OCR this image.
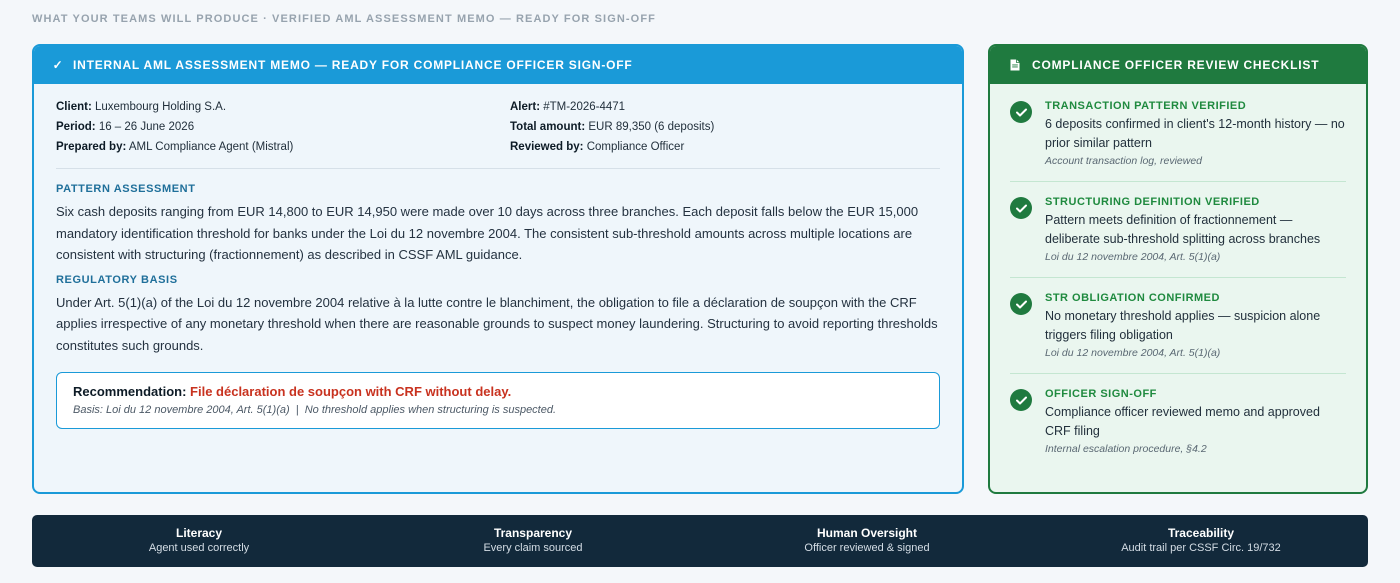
WHAT YOUR TEAMS WILL PRODUCE · VERIFIED AML ASSESSMENT MEMO — READY FOR SIGN-OFF
✓ INTERNAL AML ASSESSMENT MEMO — READY FOR COMPLIANCE OFFICER SIGN-OFF
Client: Luxembourg Holding S.A.	Alert: #TM-2026-4471
Period: 16 – 26 June 2026	Total amount: EUR 89,350 (6 deposits)
Prepared by: AML Compliance Agent (Mistral)	Reviewed by: Compliance Officer
PATTERN ASSESSMENT

Six cash deposits ranging from EUR 14,800 to EUR 14,950 were made over 10 days across three branches. Each deposit falls below the EUR 15,000 mandatory identification threshold for banks under the Loi du 12 novembre 2004. The consistent sub-threshold amounts across multiple locations are consistent with structuring (fractionnement) as described in CSSF AML guidance.

REGULATORY BASIS

Under Art. 5(1)(a) of the Loi du 12 novembre 2004 relative à la lutte contre le blanchiment, the obligation to file a déclaration de soupçon with the CRF applies irrespective of any monetary threshold when there are reasonable grounds to suspect money laundering. Structuring to avoid reporting thresholds constitutes such grounds.

Recommendation: File déclaration de soupçon with CRF without delay.
Basis: Loi du 12 novembre 2004, Art. 5(1)(a)  |  No threshold applies when structuring is suspected.
COMPLIANCE OFFICER REVIEW CHECKLIST
TRANSACTION PATTERN VERIFIED
6 deposits confirmed in client's 12-month history — no prior similar pattern
Account transaction log, reviewed
STRUCTURING DEFINITION VERIFIED
Pattern meets definition of fractionnement — deliberate sub-threshold splitting across branches
Loi du 12 novembre 2004, Art. 5(1)(a)
STR OBLIGATION CONFIRMED
No monetary threshold applies — suspicion alone triggers filing obligation
Loi du 12 novembre 2004, Art. 5(1)(a)
OFFICER SIGN-OFF
Compliance officer reviewed memo and approved CRF filing
Internal escalation procedure, §4.2
Literacy
Agent used correctly
Transparency
Every claim sourced
Human Oversight
Officer reviewed & signed
Traceability
Audit trail per CSSF Circ. 19/732
